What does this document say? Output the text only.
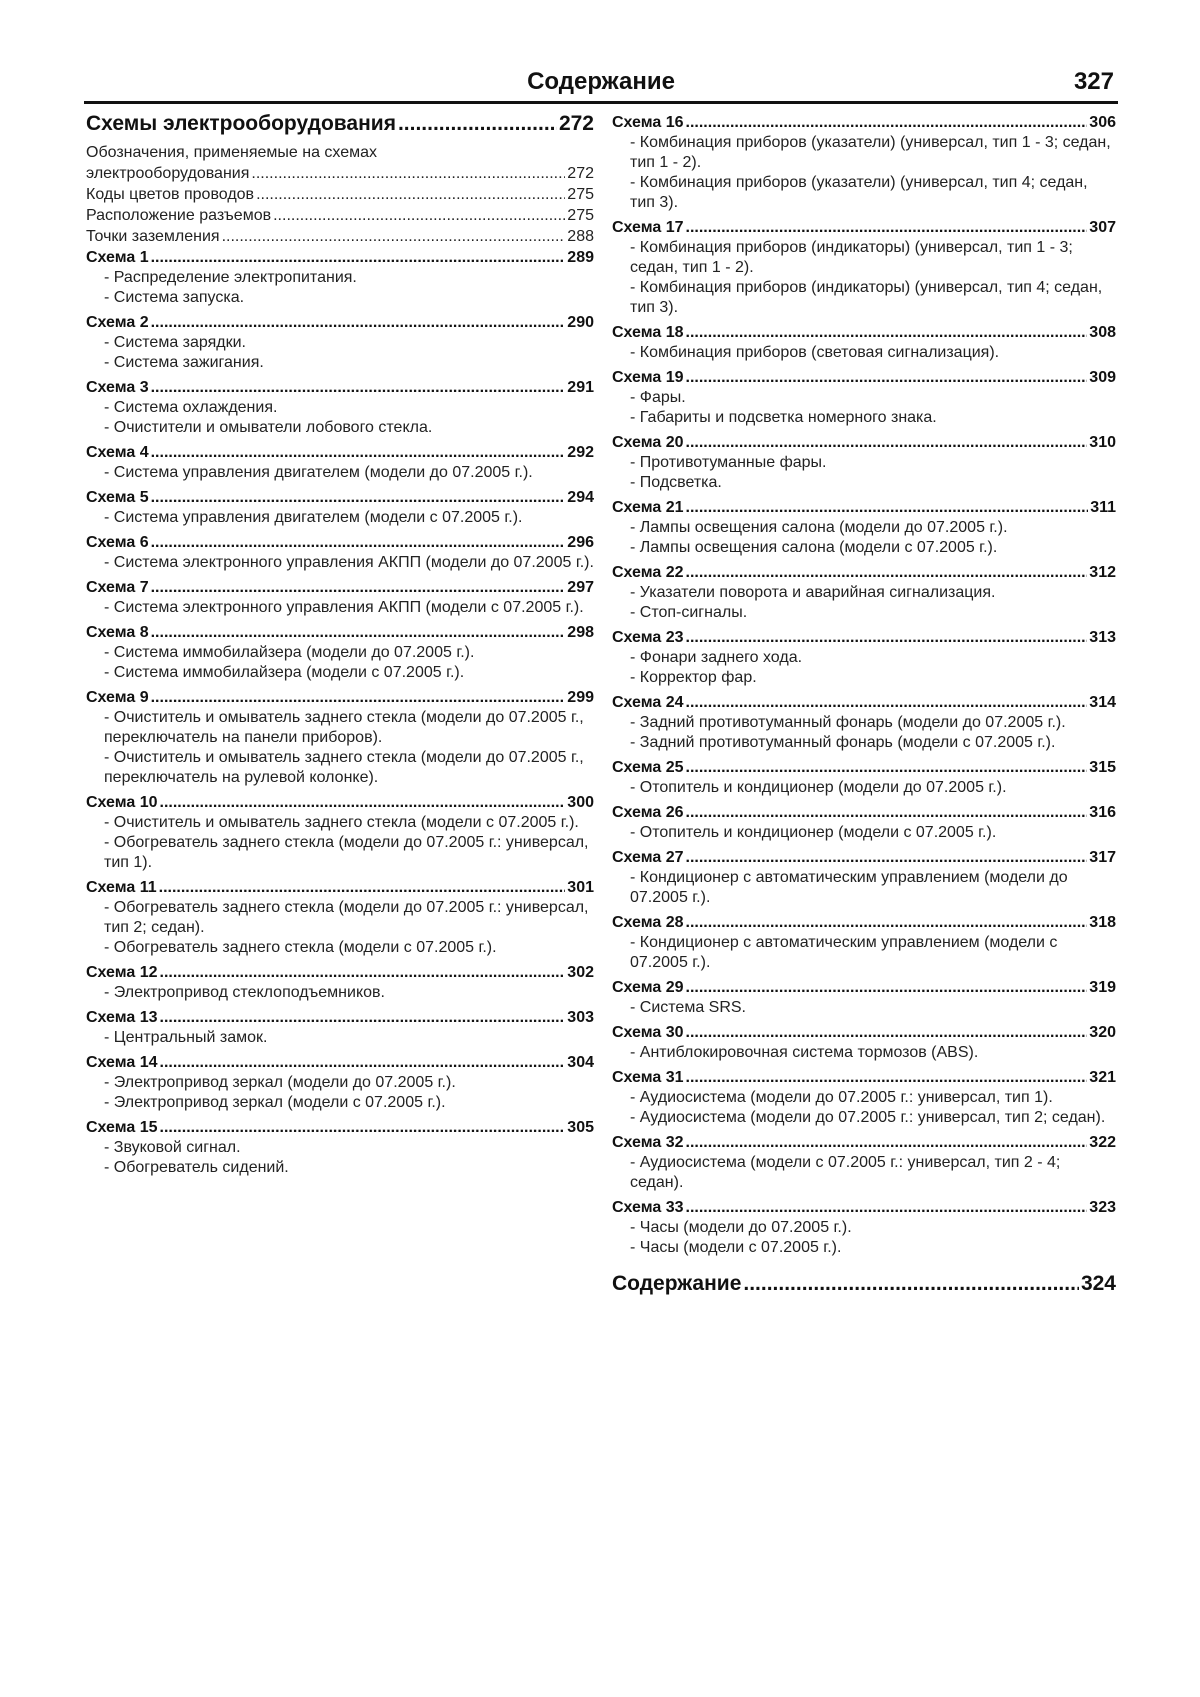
Содержание	327
Схемы электрооборудования .....	272
Обозначения, применяемые на схемах
электрооборудования .....	272
Коды цветов проводов .....	275
Расположение разъемов .....	275
Точки заземления .....	288
Схема 1 .....	289
- Распределение электропитания.
- Система запуска.
Схема 2 .....	290
- Система зарядки.
- Система зажигания.
Схема 3 .....	291
- Система охлаждения.
- Очистители и омыватели лобового стекла.
Схема 4 .....	292
- Система управления двигателем (модели до 07.2005 г.).
Схема 5 .....	294
- Система управления двигателем (модели с 07.2005 г.).
Схема 6 .....	296
- Система электронного управления АКПП (модели до 07.2005 г.).
Схема 7 .....	297
- Система электронного управления АКПП (модели с 07.2005 г.).
Схема 8 .....	298
- Система иммобилайзера (модели до 07.2005 г.).
- Система иммобилайзера (модели с 07.2005 г.).
Схема 9 .....	299
- Очиститель и омыватель заднего стекла (модели до 07.2005 г., переключатель на панели приборов).
- Очиститель и омыватель заднего стекла (модели до 07.2005 г., переключатель на рулевой колонке).
Схема 10 .....	300
- Очиститель и омыватель заднего стекла (модели с 07.2005 г.).
- Обогреватель заднего стекла (модели до 07.2005 г.: универсал, тип 1).
Схема 11 .....	301
- Обогреватель заднего стекла (модели до 07.2005 г.: универсал, тип 2; седан).
- Обогреватель заднего стекла (модели с 07.2005 г.).
Схема 12 .....	302
- Электропривод стеклоподъемников.
Схема 13 .....	303
- Центральный замок.
Схема 14 .....	304
- Электропривод зеркал (модели до 07.2005 г.).
- Электропривод зеркал (модели с 07.2005 г.).
Схема 15 .....	305
- Звуковой сигнал.
- Обогреватель сидений.
Схема 16 .....	306
- Комбинация приборов (указатели) (универсал, тип 1 - 3; седан, тип 1 - 2).
- Комбинация приборов (указатели) (универсал, тип 4; седан, тип 3).
Схема 17 .....	307
- Комбинация приборов (индикаторы) (универсал, тип 1 - 3; седан, тип 1 - 2).
- Комбинация приборов (индикаторы) (универсал, тип 4; седан, тип 3).
Схема 18 .....	308
- Комбинация приборов (световая сигнализация).
Схема 19 .....	309
- Фары.
- Габариты и подсветка номерного знака.
Схема 20 .....	310
- Противотуманные фары.
- Подсветка.
Схема 21 .....	311
- Лампы освещения салона (модели до 07.2005 г.).
- Лампы освещения салона (модели с 07.2005 г.).
Схема 22 .....	312
- Указатели поворота и аварийная сигнализация.
- Стоп-сигналы.
Схема 23 .....	313
- Фонари заднего хода.
- Корректор фар.
Схема 24 .....	314
- Задний противотуманный фонарь (модели до 07.2005 г.).
- Задний противотуманный фонарь (модели с 07.2005 г.).
Схема 25 .....	315
- Отопитель и кондиционер (модели до 07.2005 г.).
Схема 26 .....	316
- Отопитель и кондиционер (модели с 07.2005 г.).
Схема 27 .....	317
- Кондиционер с автоматическим управлением (модели до 07.2005 г.).
Схема 28 .....	318
- Кондиционер с автоматическим управлением (модели с 07.2005 г.).
Схема 29 .....	319
- Система SRS.
Схема 30 .....	320
- Антиблокировочная система тормозов (ABS).
Схема 31 .....	321
- Аудиосистема (модели до 07.2005 г.: универсал, тип 1).
- Аудиосистема (модели до 07.2005 г.: универсал, тип 2; седан).
Схема 32 .....	322
- Аудиосистема (модели с 07.2005 г.: универсал, тип 2 - 4; седан).
Схема 33 .....	323
- Часы (модели до 07.2005 г.).
- Часы (модели с 07.2005 г.).
Содержание .....	324
